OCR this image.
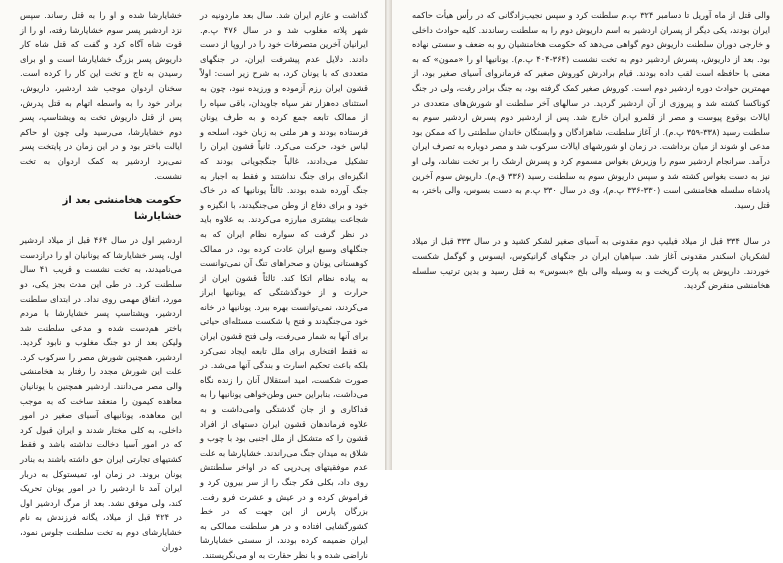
خشایارشا شده و او را به قتل رساند. سپس نزد اردشیر پسر سوم خشایارشا رفته، او را از قوت شاه آگاه کرد و گفت که قتل شاه کار داریوش پسر بزرگ خشایارشا است و او برای رسیدن به تاج و تخت این کار را کرده است. سخنان اردوان موجب شد اردشیر، داریوش، برادر خود را به واسطه اتهام به قتل پدرش، پس از قتل داریوش تخت به ویشتاسپ، پسر دوم خشایارشا، می‌رسید ولی چون او حاکم ایالت باختر بود و در این زمان در پایتخت پسر نمی‌برد اردشیر به کمک اردوان به تخت نشست.

حکومت هخامنشی بعد از خشایارشا

اردشیر اول در سال ۴۶۴ قبل از میلاد اردشیر اول، پسر خشایارشا که یونانیان او را درازدست می‌نامیدند، به تخت نشست و قریب ۴۱ سال سلطنت کرد. در طی این مدت بجز یکی، دو مورد، اتفاق مهمی روی نداد. در ابتدای سلطنت اردشیر، ویشتاسپ پسر خشایارشا با مردم باختر هم‌دست شده و مدعی سلطنت شد ولیکن بعد از دو جنگ مغلوب و نابود گردید. اردشیر، همچنین شورش مصر را سرکوب کرد. علت این شورش مجدد را رفتار بد هخامنشی والی مصر می‌دانند. اردشیر همچنین با یونانیان معاهده کیمون را منعقد ساخت که به موجب این معاهده، یونانیهای آسیای صغیر در امور داخلی، به کلی مختار شدند و ایران قبول کرد که در امور آسیا دخالت نداشته باشد و فقط کشتیهای تجارتی ایران حق داشته باشند به بنادر یونان بروند. در زمان او، تمیستوکل به دربار ایران آمد تا اردشیر را در امور یونان تحریک کند، ولی موفق نشد. بعد از مرگ اردشیر اول در ۴۲۴ قبل از میلاد، یگانه فرزندش به نام خشایارشای دوم به تخت سلطنت جلوس نمود، دوران

گذاشت و عازم ایران شد. سال بعد ماردونیه در شهر پلاته مغلوب شد و در سال ۴۷۶ پ.م. ایرانیان آخرین متصرفات خود را در اروپا از دست دادند. دلایل عدم پیشرفت ایران، در جنگهای متعددی که با یونان کرد، به شرح زیر است: اولاً قشون ایران رزم آزموده و ورزیده نبود، چون به استثنای ده‌هزار نفر سپاه جاویدان، باقی سپاه را از ممالک تابعه جمع کرده و به طرف یونان فرستاده بودند و هر ملتی به زبان خود، اسلحه و لباس خود، حرکت می‌کرد. ثانیاً قشون ایران را تشکیل می‌دادند، غالباً جنگجویانی بودند که انگیزه‌ای برای جنگ نداشتند و فقط به اجبار به جنگ آورده شده بودند. ثالثاً یونانیها که در خاک خود و برای دفاع از وطن می‌جنگیدند، با انگیزه و شجاعت بیشتری مبارزه می‌کردند. به علاوه باید در نظر گرفت که سواره نظام ایران که به جنگلهای وسیع ایران عادت کرده بود، در ممالک کوهستانی یونان و صحرا‌های تنگ آن نمی‌توانست به پیاده نظام اتکا کند. ثالثاً قشون ایران از حرارت و از خودگذشتگی که یونانیها ابراز می‌کردند، نمی‌توانست بهره ببرد. یونانیها در خانه خود می‌جنگیدند و فتح یا شکست مسئله‌ای حیاتی برای آنها به شمار می‌رفت، ولی فتح قشون ایران نه فقط افتخاری برای ملل تابعه ایجاد نمی‌کرد بلکه باعث تحکیم اسارت و بندگی آنها می‌شد. در صورت شکست، امید استقلال آنان را زنده نگاه می‌داشت، بنابراین حس وطن‌خواهی یونانیها را به فداکاری و از جان گذشتگی وامی‌داشت و به علاوه فرماندهان قشون ایران دستهای از افراد قشون را که متشکل از ملل اجنبی بود با چوب و شلاق به میدان جنگ می‌راندند. خشایارشا به علت عدم موفقیتهای پی‌درپی که در اواخر سلطنتش روی داد، بکلی فکر جنگ را از سر بیرون کرد و فراموش کرده و در عیش و عشرت فرو رفت. بزرگان پارس از این جهت که در خط کشورگشایی افتاده و در هر سلطنت ممالکی به ایران ضمیمه کرده بودند، از سستی خشایارشا ناراضی شده و با نظر حقارت به او می‌نگریستند.

والی قتل از ماه آوریل تا دسامبر ۳۲۴ پ.م سلطنت کرد و سپس نجیب‌زادگانی که در رأس هیأت حاکمه ایران بودند، یکی دیگر از پسران اردشیر به اسم داریوش دوم را به سلطنت رساندند. کلیه حوادث داخلی و خارجی دوران سلطنت داریوش دوم گواهی می‌دهد که حکومت هخامنشیان رو به ضعف و سستی نهاده بود. بعد از داریوش، پسرش اردشیر دوم به تخت نشست (۳۶۴-۴۰۴ پ.م). یونانیها او را «ممون» که به معنی با حافظه است لقب داده بودند. قیام برادرش کوروش صغیر که فرمانروای آسیای صغیر بود، از مهمترین حوادث دوره اردشیر دوم است. کوروش صغیر کمک گرفته بود، به جنگ برادر رفت، ولی در جنگ کوناکسا کشته شد و پیروزی از آن اردشیر گردید. در سالهای آخر سلطنت او شورش‌های متعددی در ایالات بوقوع پیوست و مصر از قلمرو ایران خارج شد. پس از اردشیر دوم پسرش اردشیر سوم به سلطنت رسید (۳۳۸-۳۵۹ پ.م). از آغاز سلطنت، شاهزادگان و وابستگان خاندان سلطنتی را که ممکن بود مدعی او شوند از میان برداشت. در زمان او شورشهای ایالات سرکوب شد و مصر دوباره به تصرف ایران درآمد. سرانجام اردشیر سوم را وزیرش بغواس مسموم کرد و پسرش ارشک را بر تخت نشاند، ولی او نیز به دست بغواس کشته شد و سپس داریوش سوم به سلطنت رسید (۳۳۶ ق.م). داریوش سوم آخرین پادشاه سلسله هخامنشی است (۳۳۰-۳۳۶ پ.م)، وی در سال ۳۳۰ پ.م به دست بسوس، والی باختر، به قتل رسید.

در سال ۳۳۴ قبل از میلاد فیلیپ دوم مقدونی به آسیای صغیر لشکر کشید و در سال ۳۳۳ قبل از میلاد لشکریان اسکندر مقدونی آغاز شد. سپاهیان ایران در جنگهای گرانیکوس، ایسوس و گوگمل شکست خوردند. داریوش به پارت گریخت و به وسیله والی بلخ «بسوس» به قتل رسید و بدین ترتیب سلسله هخامنشی منقرض گردید.
